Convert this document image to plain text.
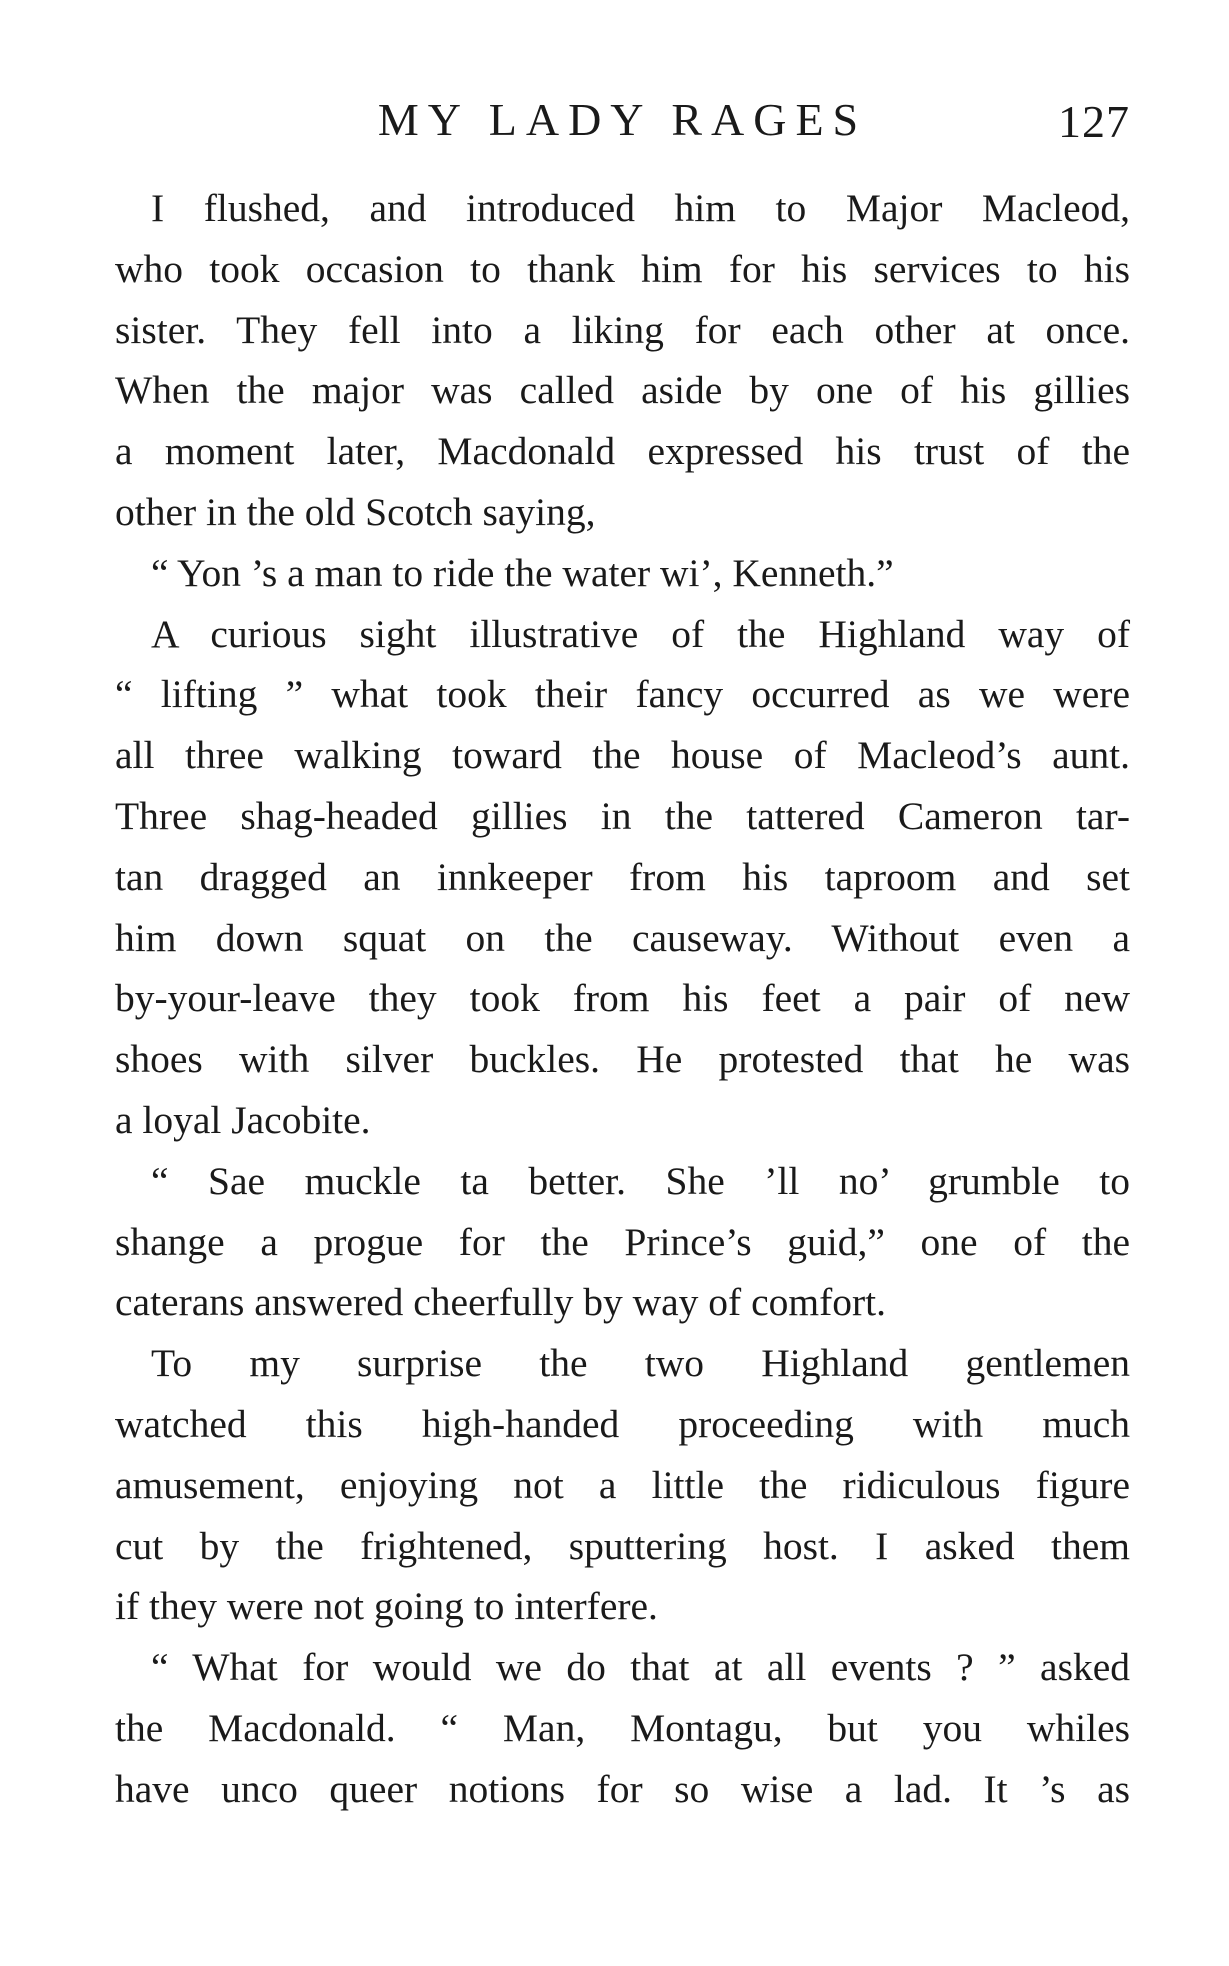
MY LADY RAGES	127
I flushed, and introduced him to Major Macleod,
who took occasion to thank him for his services to his
sister. They fell into a liking for each other at once.
When the major was called aside by one of his gillies
a moment later, Macdonald expressed his trust of the
other in the old Scotch saying,
“ Yon ’s a man to ride the water wi’, Kenneth.”
A curious sight illustrative of the Highland way of
“ lifting ” what took their fancy occurred as we were
all three walking toward the house of Macleod’s aunt.
Three shag-headed gillies in the tattered Cameron tar-
tan dragged an innkeeper from his taproom and set
him down squat on the causeway. Without even a
by-your-leave they took from his feet a pair of new
shoes with silver buckles. He protested that he was
a loyal Jacobite.
“ Sae muckle ta better. She ’ll no’ grumble to
shange a progue for the Prince’s guid,” one of the
caterans answered cheerfully by way of comfort.
To my surprise the two Highland gentlemen
watched this high-handed proceeding with much
amusement, enjoying not a little the ridiculous figure
cut by the frightened, sputtering host. I asked them
if they were not going to interfere.
“ What for would we do that at all events ? ” asked
the Macdonald. “ Man, Montagu, but you whiles
have unco queer notions for so wise a lad. It ’s as
